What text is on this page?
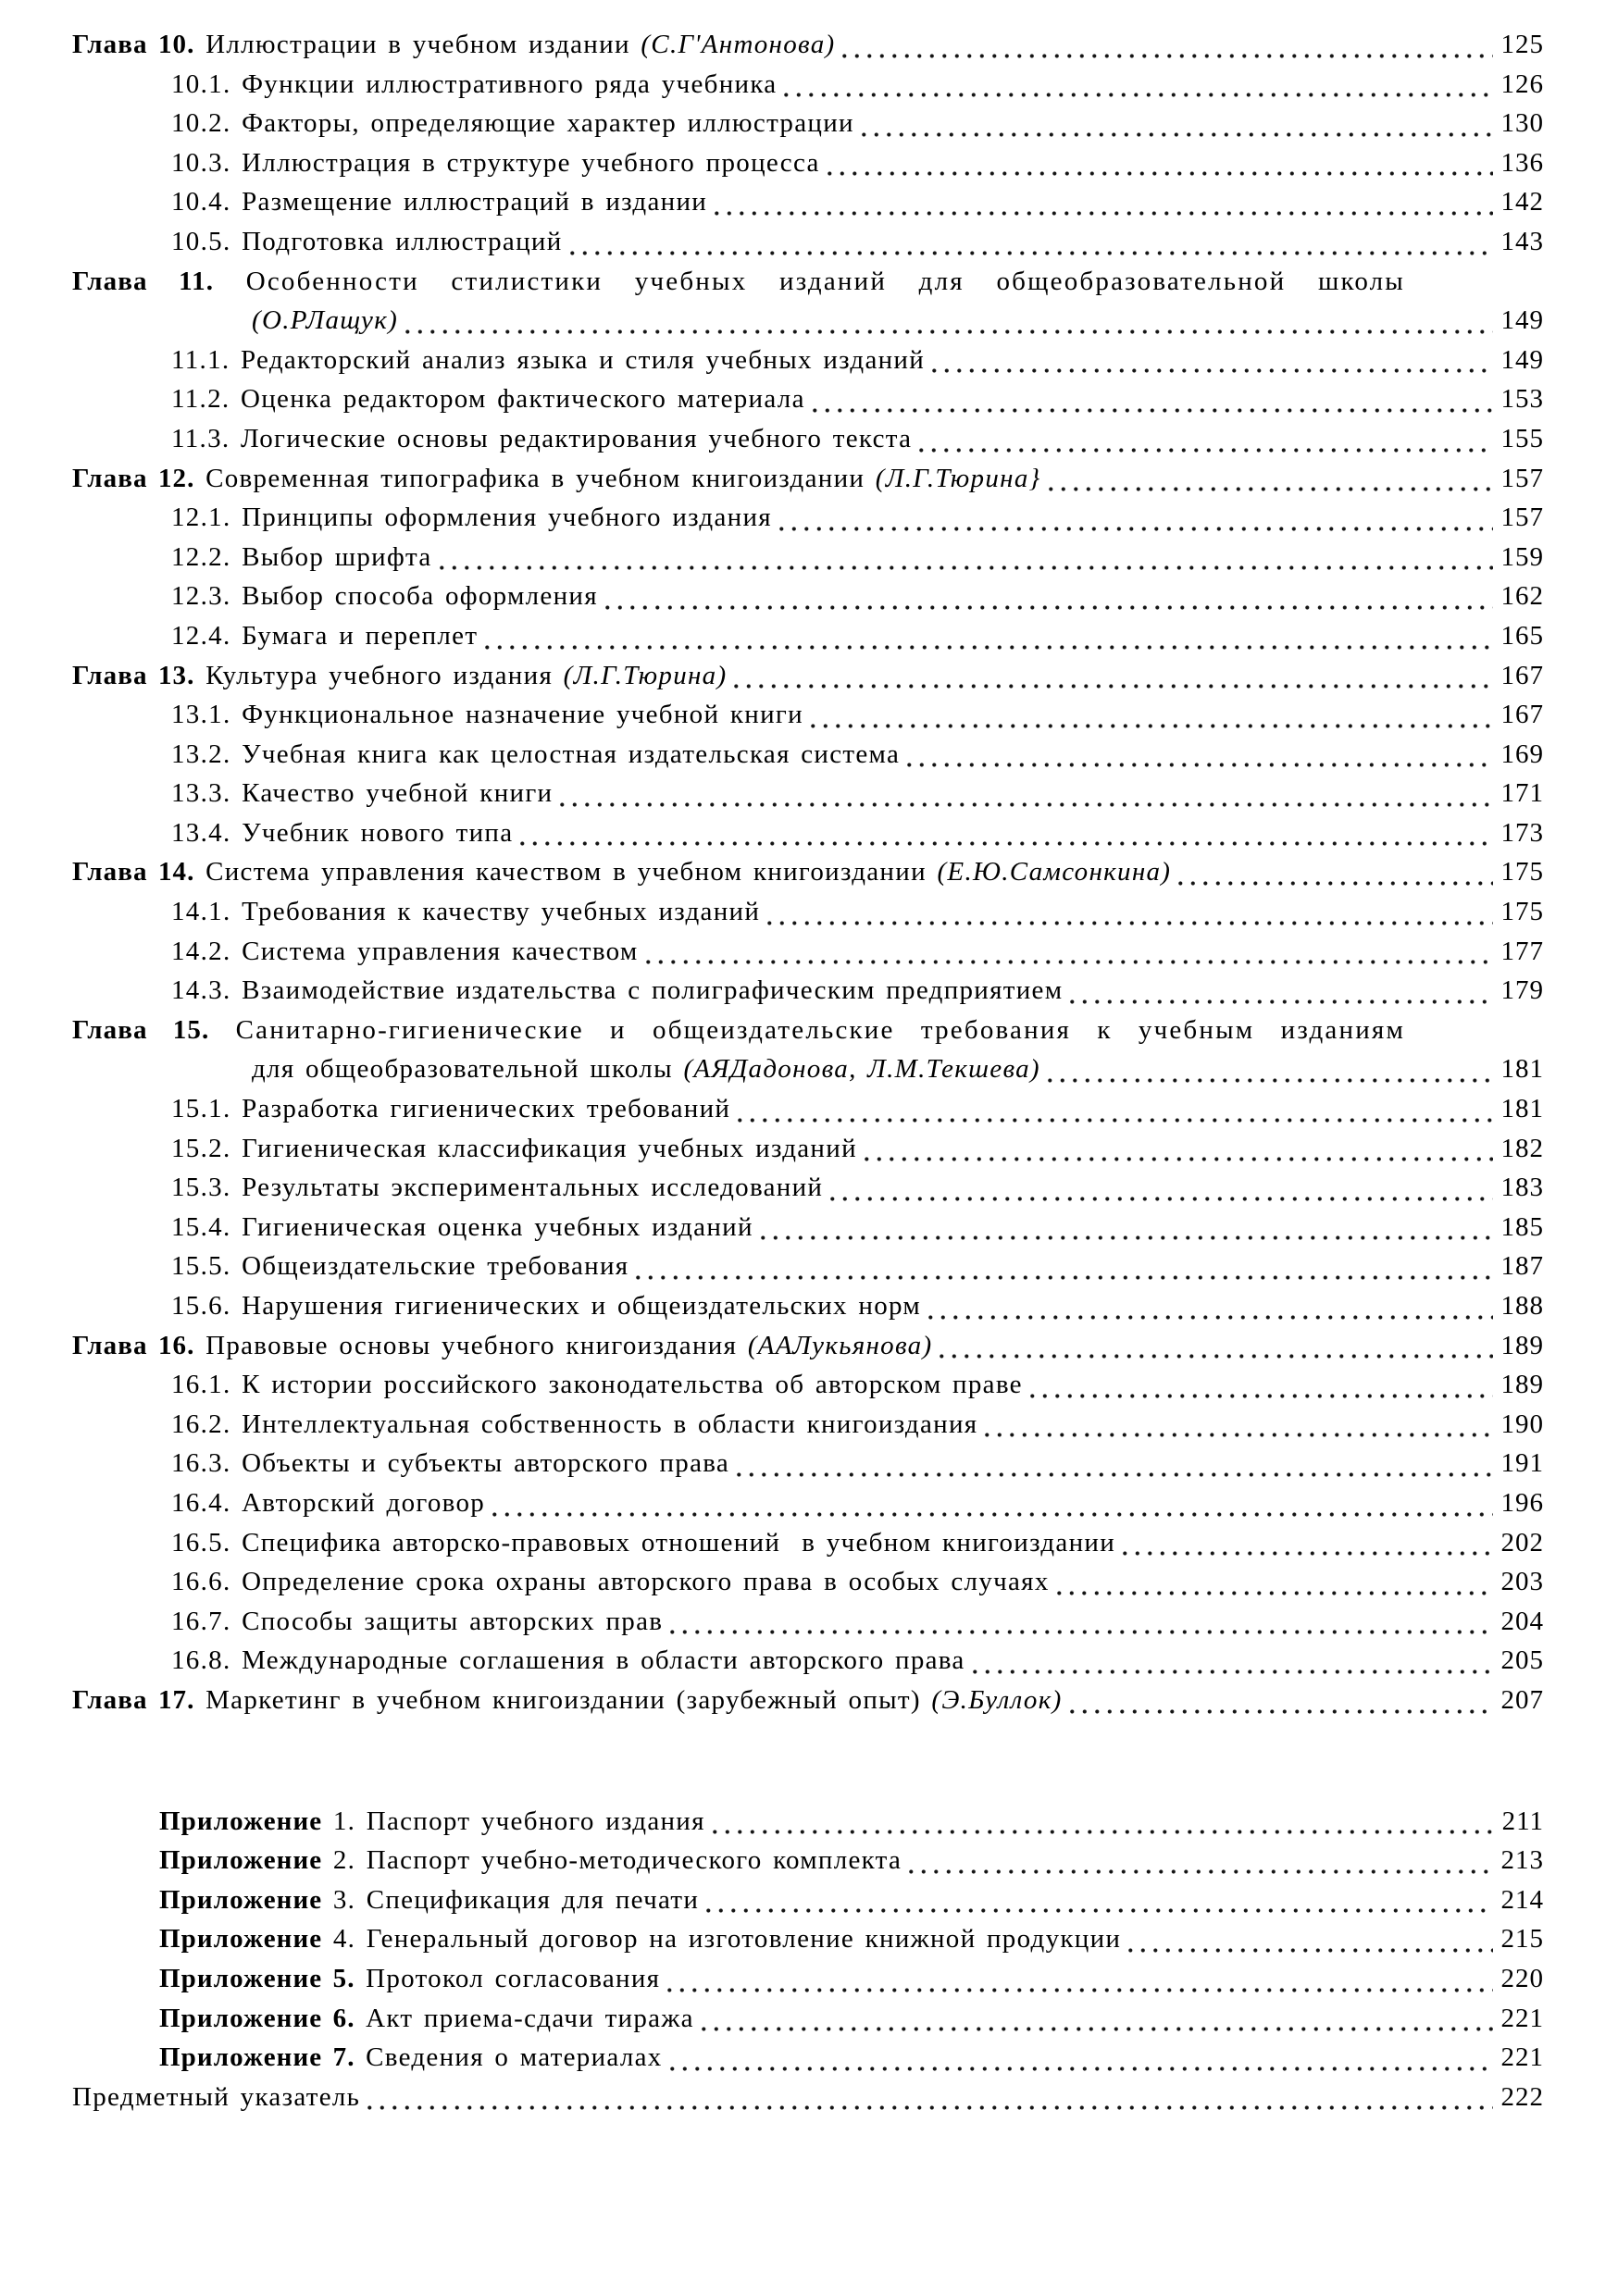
Глава 10. Иллюстрации в учебном издании (С.Г'Антонова)	125
10.1. Функции иллюстративного ряда учебника	126
10.2. Факторы, определяющие характер иллюстрации	130
10.3. Иллюстрация в структуре учебного процесса	136
10.4. Размещение иллюстраций в издании	142
10.5. Подготовка иллюстраций	143
Глава 11. Особенности стилистики учебных изданий для общеобразовательной школы
(О.РЛащук)	149
11.1. Редакторский анализ языка и стиля учебных изданий	149
11.2. Оценка редактором фактического материала	153
11.3. Логические основы редактирования учебного текста	155
Глава 12. Современная типографика в учебном книгоиздании (Л.Г.Тюрина}	157
12.1. Принципы оформления учебного издания	157
12.2. Выбор шрифта	159
12.3. Выбор способа оформления	162
12.4. Бумага и переплет	165
Глава 13. Культура учебного издания (Л.Г.Тюрина)	167
13.1. Функциональное назначение учебной книги	167
13.2. Учебная книга как целостная издательская система	169
13.3. Качество учебной книги	171
13.4. Учебник нового типа	173
Глава 14. Система управления качеством в учебном книгоиздании (Е.Ю.Самсонкина)	175
14.1. Требования к качеству учебных изданий	175
14.2. Система управления качеством	177
14.3. Взаимодействие издательства с полиграфическим предприятием	179
Глава 15. Санитарно-гигиенические и общеиздательские требования к учебным изданиям
для общеобразовательной школы (АЯДадонова, Л.М.Текшева)	181
15.1. Разработка гигиенических требований	181
15.2. Гигиеническая классификация учебных изданий	182
15.3. Результаты экспериментальных исследований	183
15.4. Гигиеническая оценка учебных изданий	185
15.5. Общеиздательские требования	187
15.6. Нарушения гигиенических и общеиздательских норм	188
Глава 16. Правовые основы учебного книгоиздания (ААЛукьянова)	189
16.1. К истории российского законодательства об авторском праве	189
16.2. Интеллектуальная собственность в области книгоиздания	190
16.3. Объекты и субъекты авторского права	191
16.4. Авторский договор	196
16.5. Специфика авторско-правовых отношений  в учебном книгоиздании	202
16.6. Определение срока охраны авторского права в особых случаях	203
16.7. Способы защиты авторских прав	204
16.8. Международные соглашения в области авторского права	205
Глава 17. Маркетинг в учебном книгоиздании (зарубежный опыт) (Э.Буллок)	207
Приложение 1. Паспорт учебного издания	211
Приложение 2. Паспорт учебно-методического комплекта	213
Приложение 3. Спецификация для печати	214
Приложение 4. Генеральный договор на изготовление книжной продукции	215
Приложение 5. Протокол согласования	220
Приложение 6. Акт приема-сдачи тиража	221
Приложение 7. Сведения о материалах	221
Предметный указатель	222
